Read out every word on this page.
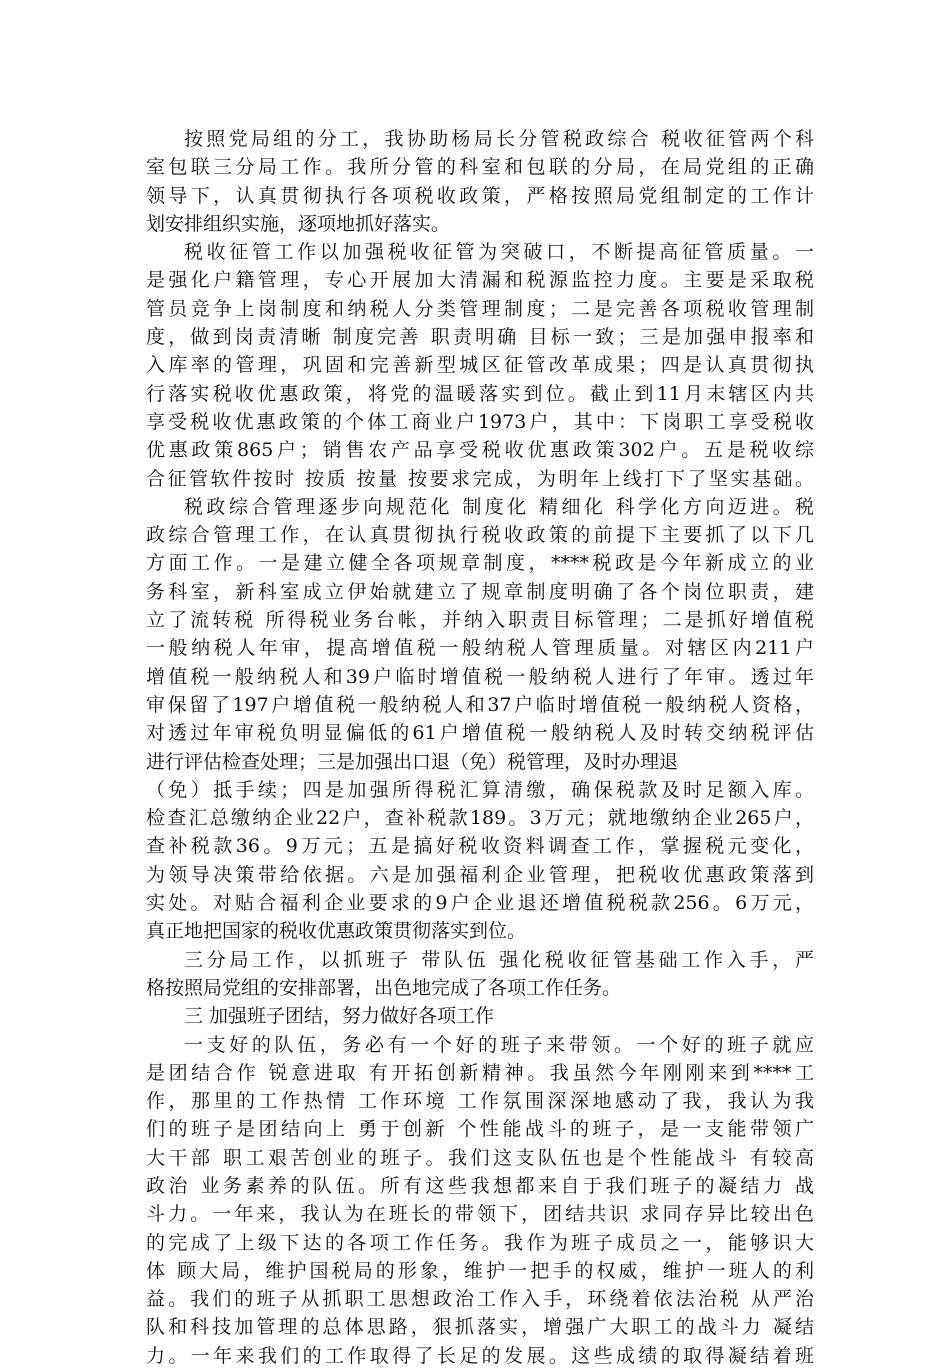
按照党局组的分工，我协助杨局长分管税政综合 税收征管两个科
室包联三分局工作。我所分管的科室和包联的分局，在局党组的正确
领导下，认真贯彻执行各项税收政策，严格按照局党组制定的工作计
划安排组织实施，逐项地抓好落实。
税收征管工作以加强税收征管为突破口，不断提高征管质量。一
是强化户籍管理，专心开展加大清漏和税源监控力度。主要是采取税
管员竞争上岗制度和纳税人分类管理制度；二是完善各项税收管理制
度，做到岗责清晰 制度完善 职责明确 目标一致；三是加强申报率和
入库率的管理，巩固和完善新型城区征管改革成果；四是认真贯彻执
行落实税收优惠政策，将党的温暖落实到位。截止到11月末辖区内共
享受税收优惠政策的个体工商业户1973户，其中：下岗职工享受税收
优惠政策865户；销售农产品享受税收优惠政策302户。五是税收综
合征管软件按时 按质 按量 按要求完成，为明年上线打下了坚实基础。
税政综合管理逐步向规范化 制度化 精细化 科学化方向迈进。税
政综合管理工作，在认真贯彻执行税收政策的前提下主要抓了以下几
方面工作。一是建立健全各项规章制度，****税政是今年新成立的业
务科室，新科室成立伊始就建立了规章制度明确了各个岗位职责，建
立了流转税 所得税业务台帐，并纳入职责目标管理；二是抓好增值税
一般纳税人年审，提高增值税一般纳税人管理质量。对辖区内211户
增值税一般纳税人和39户临时增值税一般纳税人进行了年审。透过年
审保留了197户增值税一般纳税人和37户临时增值税一般纳税人资格，
对透过年审税负明显偏低的61户增值税一般纳税人及时转交纳税评估
进行评估检查处理；三是加强出口退（免）税管理，及时办理退
（免）抵手续；四是加强所得税汇算清缴，确保税款及时足额入库。
检查汇总缴纳企业22户，查补税款189。3万元；就地缴纳企业265户，
查补税款36。9万元；五是搞好税收资料调查工作，掌握税元变化，
为领导决策带给依据。六是加强福利企业管理，把税收优惠政策落到
实处。对贴合福利企业要求的9户企业退还增值税税款256。6万元，
真正地把国家的税收优惠政策贯彻落实到位。
三分局工作，以抓班子 带队伍 强化税收征管基础工作入手，严
格按照局党组的安排部署，出色地完成了各项工作任务。
三 加强班子团结，努力做好各项工作
一支好的队伍，务必有一个好的班子来带领。一个好的班子就应
是团结合作 锐意进取 有开拓创新精神。我虽然今年刚刚来到****工
作，那里的工作热情 工作环境 工作氛围深深地感动了我，我认为我
们的班子是团结向上 勇于创新 个性能战斗的班子，是一支能带领广
大干部 职工艰苦创业的班子。我们这支队伍也是个性能战斗 有较高
政治 业务素养的队伍。所有这些我想都来自于我们班子的凝结力 战
斗力。一年来，我认为在班长的带领下，团结共识 求同存异比较出色
的完成了上级下达的各项工作任务。我作为班子成员之一，能够识大
体 顾大局，维护国税局的形象，维护一把手的权威，维护一班人的利
益。我们的班子从抓职工思想政治工作入手，环绕着依法治税 从严治
队和科技加管理的总体思路，狠抓落实，增强广大职工的战斗力 凝结
力。一年来我们的工作取得了长足的发展。这些成绩的取得凝结着班
